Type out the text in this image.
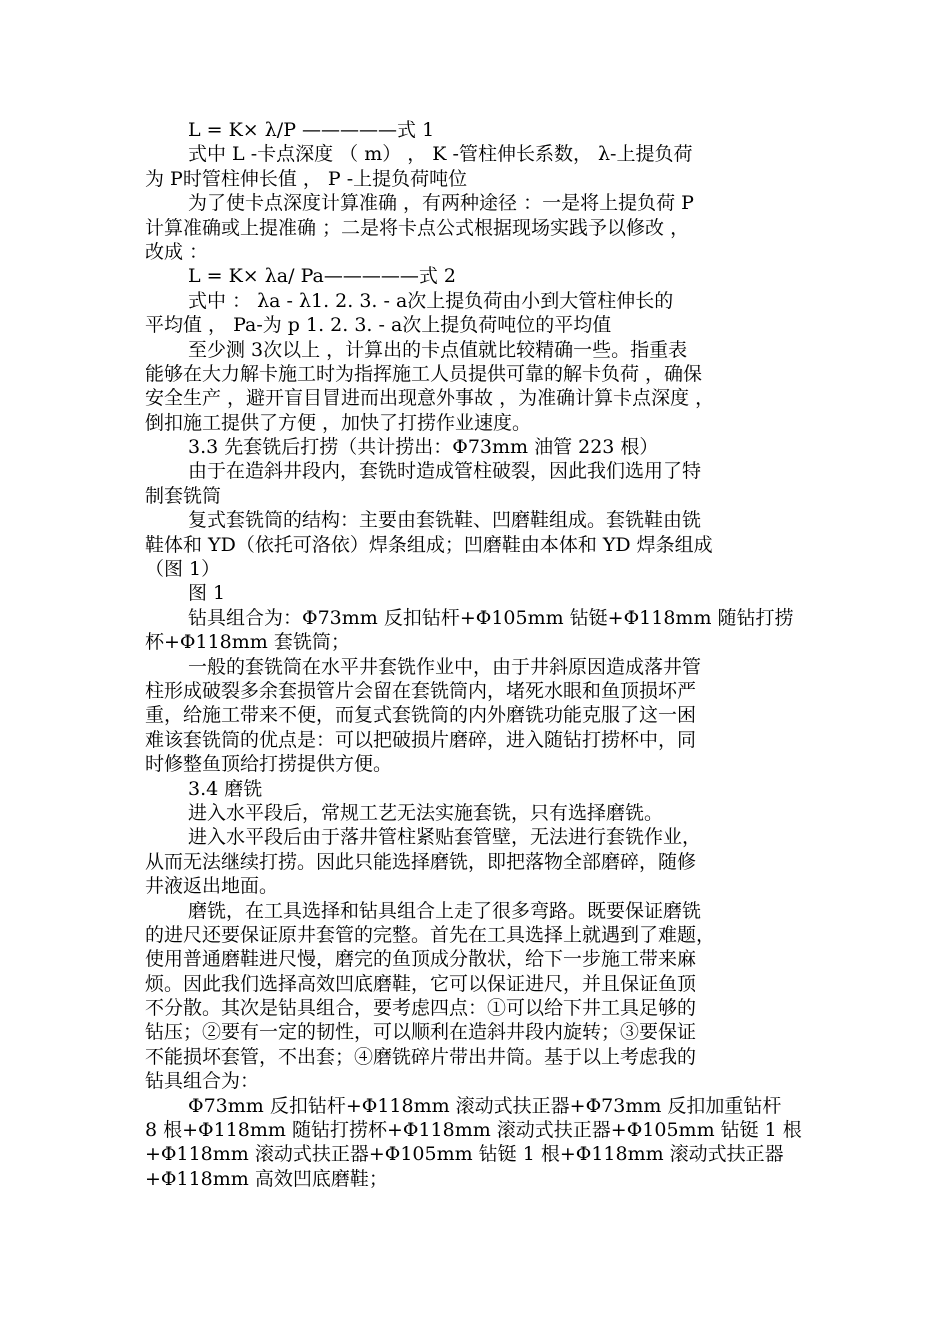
L = K× λ/P —————式 1

式中 L -卡点深度 （ m） ， K -管柱伸长系数， λ-上提负荷

为 P时管柱伸长值 ， P -上提负荷吨位

为了使卡点深度计算准确 ，有两种途径 ：一是将上提负荷 P

计算准确或上提准确 ；二是将卡点公式根据现场实践予以修改 ，

改成 ：

L = K× λa/ Pa—————式 2

式中 ： λa - λ1. 2. 3. - a次上提负荷由小到大管柱伸长的

平均值 ， Pa-为 p 1. 2. 3. - a次上提负荷吨位的平均值

至少测 3次以上 ，计算出的卡点值就比较精确一些。指重表

能够在大力解卡施工时为指挥施工人员提供可靠的解卡负荷 ，确保

安全生产 ，避开盲目冒进而出现意外事故 ，为准确计算卡点深度 ，

倒扣施工提供了方便 ，加快了打捞作业速度。

3.3 先套铣后打捞（共计捞出：Φ73mm 油管 223 根）

由于在造斜井段内，套铣时造成管柱破裂，因此我们选用了特

制套铣筒

复式套铣筒的结构：主要由套铣鞋、凹磨鞋组成。套铣鞋由铣

鞋体和 YD（依托可洛依）焊条组成；凹磨鞋由本体和 YD 焊条组成

（图 1）

图 1

钻具组合为：Φ73mm 反扣钻杆+Φ105mm 钻铤+Φ118mm 随钻打捞

杯+Φ118mm 套铣筒；

一般的套铣筒在水平井套铣作业中，由于井斜原因造成落井管

柱形成破裂多余套损管片会留在套铣筒内，堵死水眼和鱼顶损坏严

重，给施工带来不便，而复式套铣筒的内外磨铣功能克服了这一困

难该套铣筒的优点是：可以把破损片磨碎，进入随钻打捞杯中，同

时修整鱼顶给打捞提供方便。

3.4 磨铣

进入水平段后，常规工艺无法实施套铣，只有选择磨铣。

进入水平段后由于落井管柱紧贴套管壁，无法进行套铣作业，

从而无法继续打捞。因此只能选择磨铣，即把落物全部磨碎，随修

井液返出地面。

磨铣，在工具选择和钻具组合上走了很多弯路。既要保证磨铣

的进尺还要保证原井套管的完整。首先在工具选择上就遇到了难题，

使用普通磨鞋进尺慢，磨完的鱼顶成分散状，给下一步施工带来麻

烦。因此我们选择高效凹底磨鞋，它可以保证进尺，并且保证鱼顶

不分散。其次是钻具组合，要考虑四点：①可以给下井工具足够的

钻压；②要有一定的韧性，可以顺利在造斜井段内旋转；③要保证

不能损坏套管，不出套；④磨铣碎片带出井筒。基于以上考虑我的

钻具组合为：

Φ73mm 反扣钻杆+Φ118mm 滚动式扶正器+Φ73mm 反扣加重钻杆

8 根+Φ118mm 随钻打捞杯+Φ118mm 滚动式扶正器+Φ105mm 钻铤 1 根

+Φ118mm 滚动式扶正器+Φ105mm 钻铤 1 根+Φ118mm 滚动式扶正器

+Φ118mm 高效凹底磨鞋；
